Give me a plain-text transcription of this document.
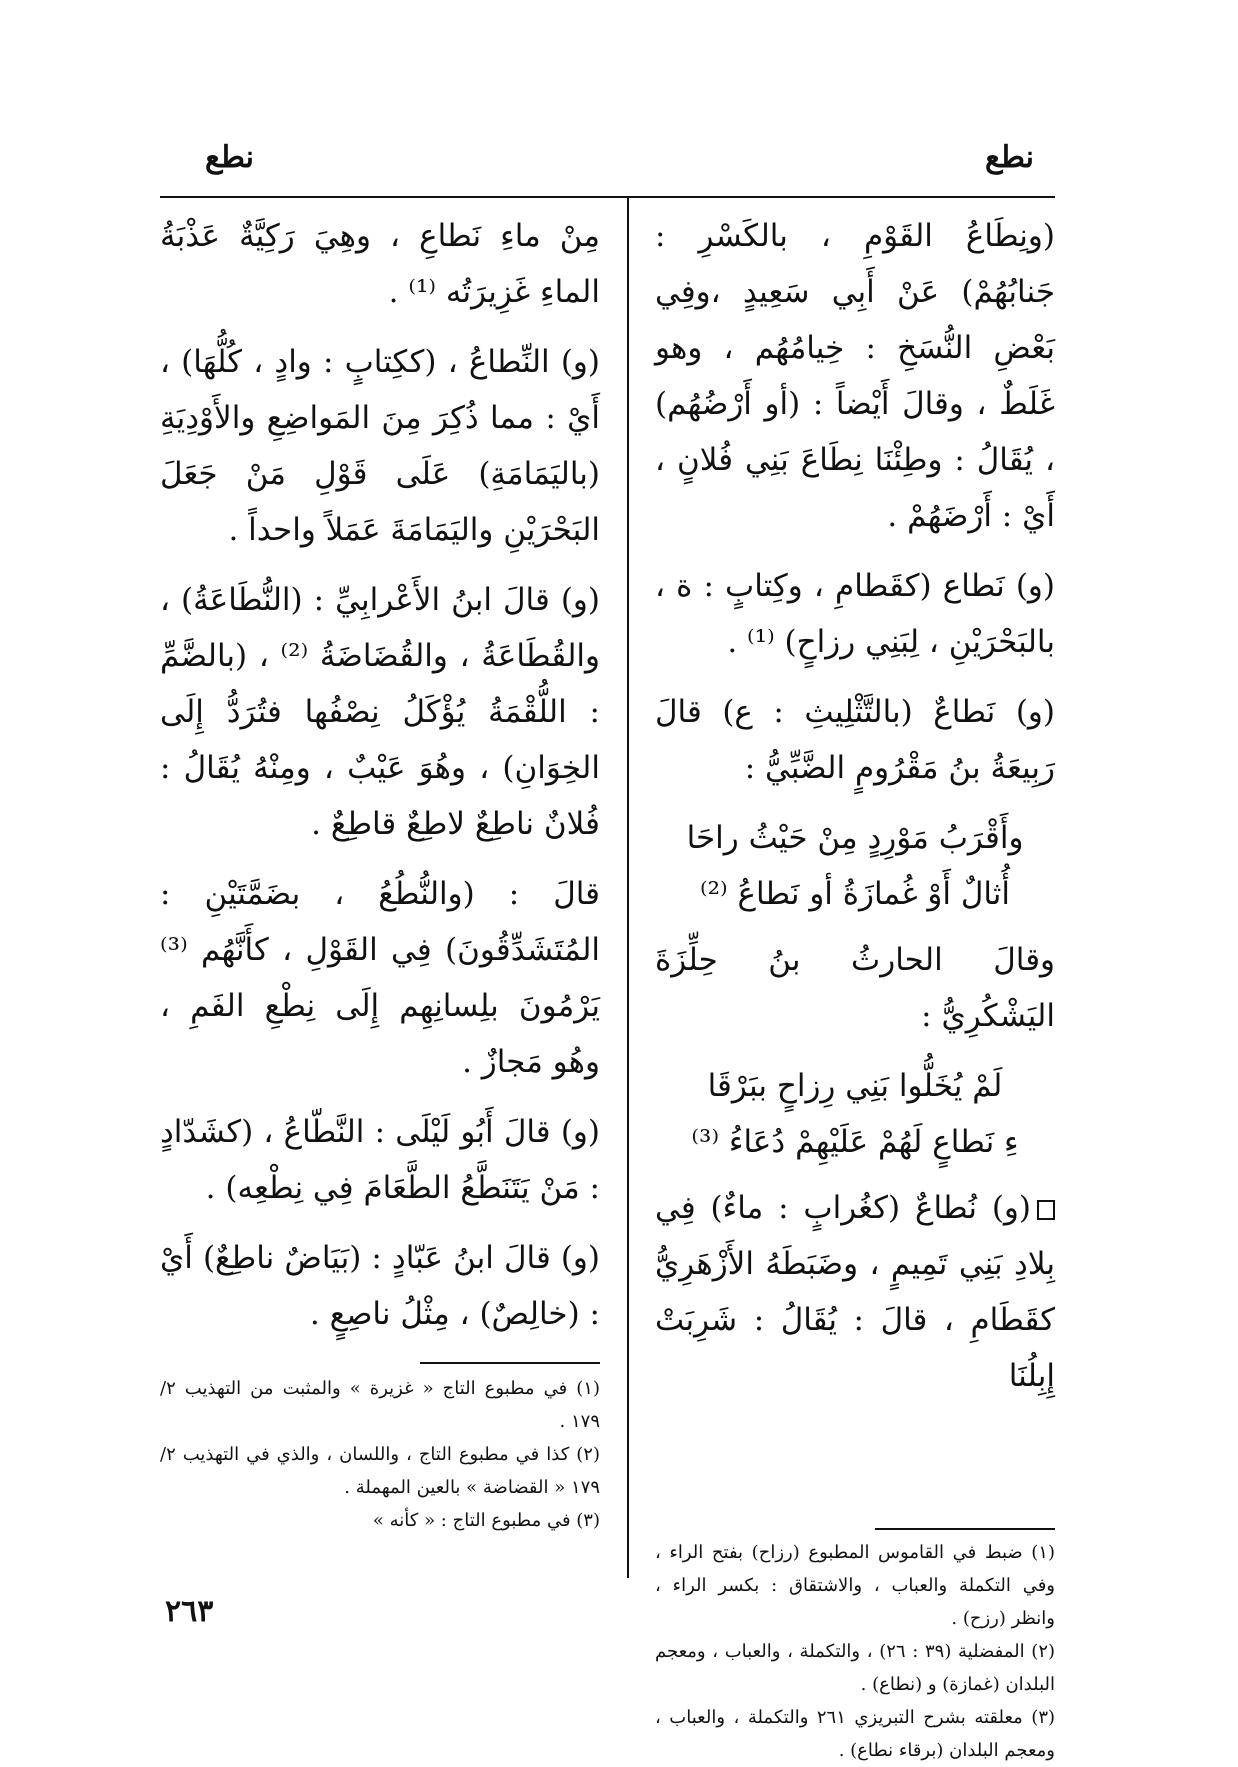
نطع
نطع

(ونِطَاعُ القَوْمِ ، بالكَسْرِ : جَنابُهُمْ) عَنْ أَبِي سَعِيدٍ ،وفِي بَعْضِ النُّسَخِ : خِيامُهُم ، وهو غَلَطٌ ، وقالَ أَيْضاً : (أو أَرْضُهُم) ، يُقَالُ : وطِئْنَا نِطَاعَ بَنِي فُلانٍ ، أَيْ : أَرْضَهُمْ .

(و) نَطاع (كقَطامِ ، وكِتابٍ : ة ، بالبَحْرَيْنِ ، لِبَنِي رزاحٍ) ⁽¹⁾ .

(و) نَطاعٌ (بالتَّثْلِيثِ : ع) قالَ رَبِيعَةُ بنُ مَقْرُومٍ الضَّبِّيُّ :

وأَقْرَبُ مَوْرِدٍ مِنْ حَيْثُ راحَا
أُثالٌ أَوْ غُمازَةُ أو نَطاعُ ⁽²⁾

وقالَ الحارثُ بنُ حِلِّزَةَ اليَشْكُرِيُّ :

لَمْ يُخَلُّوا بَنِي رِزاحٍ ببَرْقَا
ءِ نَطاعٍ لَهُمْ عَلَيْهِمْ دُعَاءُ ⁽³⁾

(و) نُطاعٌ (كغُرابٍ : ماءٌ) فِي بِلادِ بَنِي تَمِيمٍ ، وضَبَطَهُ الأَزْهَرِيُّ كقَطَامِ ، قالَ : يُقَالُ : شَرِبَتْ إِبِلُنَا

مِنْ ماءِ نَطاعِ ، وهِيَ رَكِيَّةٌ عَذْبَةُ الماءِ غَزِيرَتُه ⁽¹⁾ .

(و) النِّطاعُ ، (ككِتابٍ : وادٍ ، كُلُّهَا) ، أَيْ : مما ذُكِرَ مِنَ المَواضِعِ والأَوْدِيَةِ (باليَمَامَةِ) عَلَى قَوْلِ مَنْ جَعَلَ البَحْرَيْنِ واليَمَامَةَ عَمَلاً واحداً .

(و) قالَ ابنُ الأَعْرابِيِّ : (النُّطَاعَةُ) ، والقُطَاعَةُ ، والقُضَاضَةُ ⁽²⁾ ، (بالضَّمِّ : اللُّقْمَةُ يُؤْكَلُ نِصْفُها فتُرَدُّ إِلَى الخِوَانِ) ، وهُوَ عَيْبٌ ، ومِنْهُ يُقَالُ : فُلانٌ ناطِعٌ لاطِعٌ قاطِعٌ .

قالَ : (والنُّطُعُ ، بضَمَّتَيْنِ : المُتَشَدِّقُونَ) فِي القَوْلِ ، كأَنَّهُم ⁽³⁾ يَرْمُونَ بلِسانِهِم إِلَى نِطْعِ الفَمِ ، وهُو مَجازٌ .

(و) قالَ أَبُو لَيْلَى : النَّطّاعُ ، (كشَدّادٍ : مَنْ يَتَنَطَّعُ الطَّعَامَ فِي نِطْعِه) .

(و) قالَ ابنُ عَبّادٍ : (بَيَاضٌ ناطِعٌ) أَيْ : (خالِصٌ) ، مِثْلُ ناصِعٍ .

(١) ضبط في القاموس المطبوع (رزاح) بفتح الراء ، وفي التكملة والعباب ، والاشتقاق : بكسر الراء ، وانظر (رزح) .

(٢) المفضلية (٣٩ : ٢٦) ، والتكملة ، والعباب ، ومعجم البلدان (غمازة) و (نطاع) .

(٣) معلقته بشرح التبريزي ٢٦١ والتكملة ، والعباب ، ومعجم البلدان (برقاء نطاع) .

(١) في مطبوع التاج « غزيرة » والمثبت من التهذيب ٢/ ١٧٩ .

(٢) كذا في مطبوع التاج ، واللسان ، والذي في التهذيب ٢/ ١٧٩ « القضاضة » بالعين المهملة .

(٣) في مطبوع التاج : « كأنه »

٢٦٣
